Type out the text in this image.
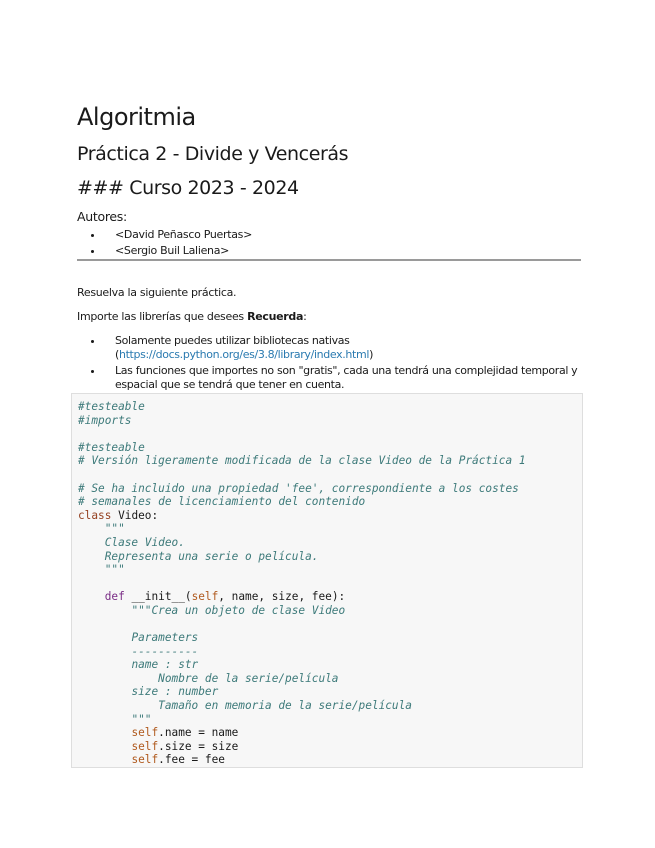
Algoritmia
Práctica 2 - Divide y Vencerás
### Curso 2023 - 2024
Autores:
<David Peñasco Puertas>
<Sergio Buil Laliena>
Resuelva la siguiente práctica.
Importe las librerías que desees Recuerda:
Solamente puedes utilizar bibliotecas nativas (https://docs.python.org/es/3.8/library/index.html)
Las funciones que importes no son "gratis", cada una tendrá una complejidad temporal y espacial que se tendrá que tener en cuenta.
#testeable
#imports

#testeable
# Versión ligeramente modificada de la clase Video de la Práctica 1

# Se ha incluido una propiedad 'fee', correspondiente a los costes
# semanales de licenciamiento del contenido
class Video:
"""
Clase Video.
Representa una serie o película.
"""

def __init__(self, name, size, fee):
"""Crea un objeto de clase Video

Parameters
----------
name : str
Nombre de la serie/película
size : number
Tamaño en memoria de la serie/película
"""
self.name = name
self.size = size
self.fee = fee
